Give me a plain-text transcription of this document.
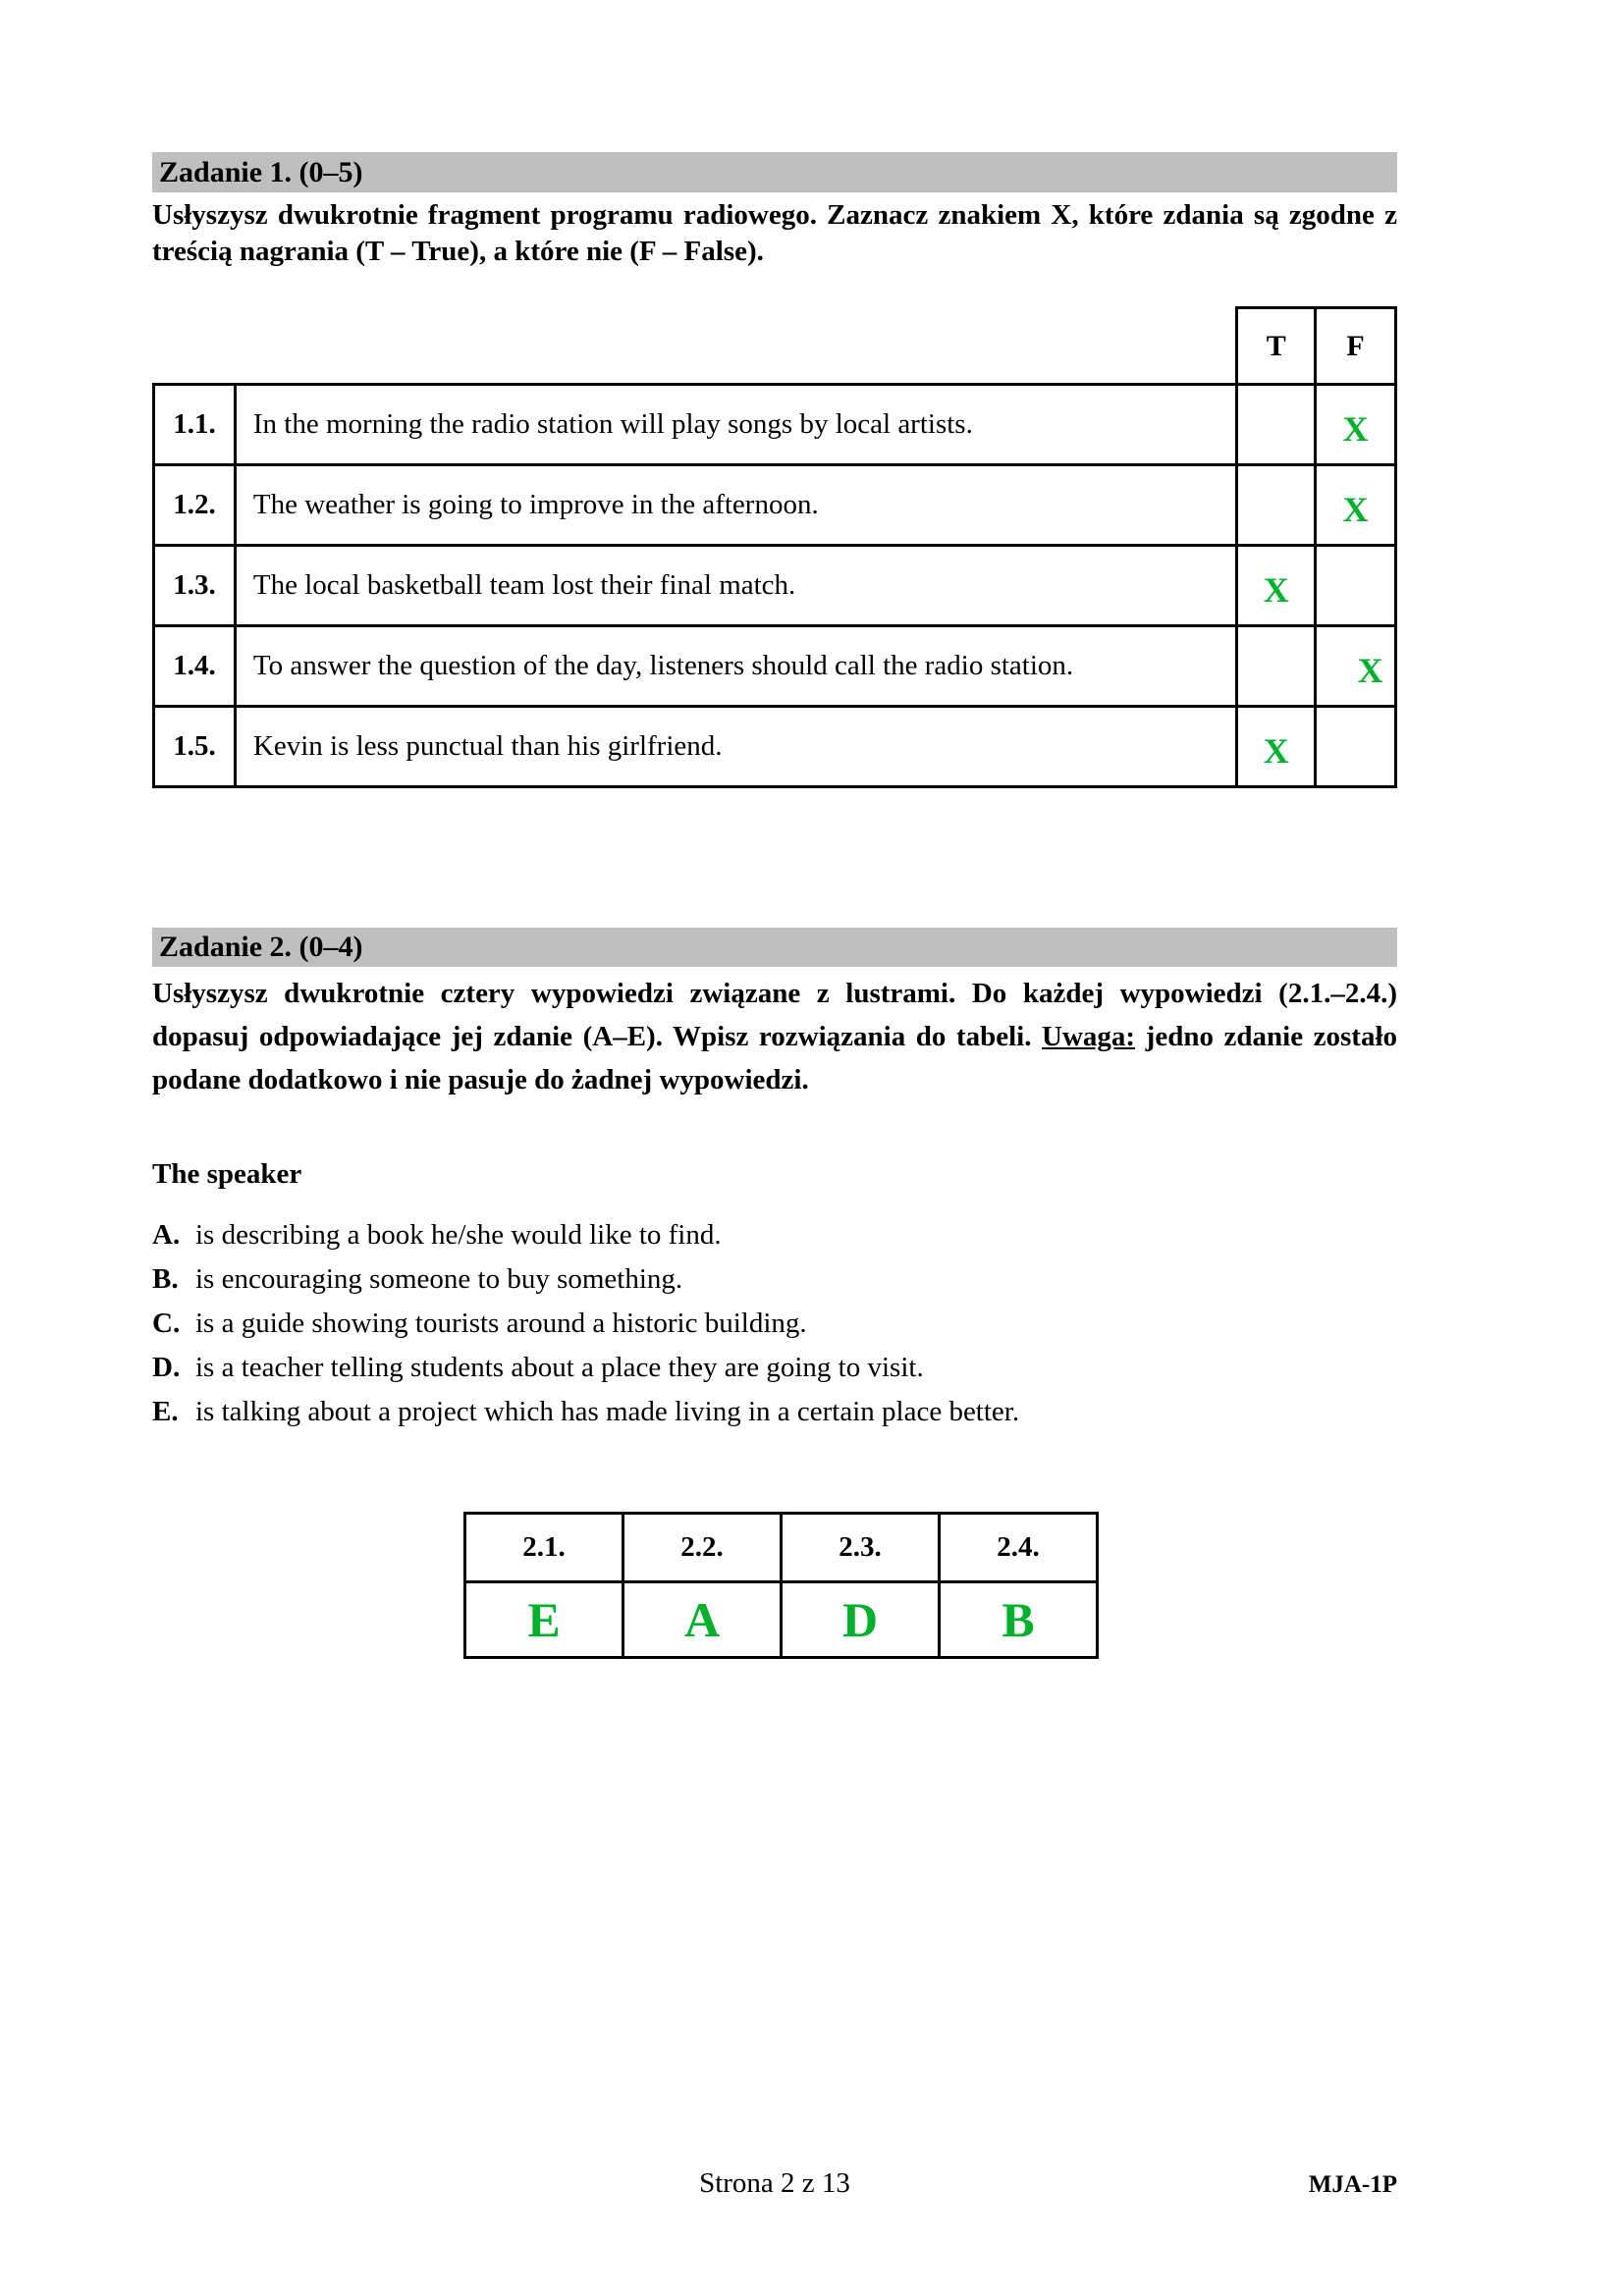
Zadanie 1. (0–5)
Usłyszysz dwukrotnie fragment programu radiowego. Zaznacz znakiem X, które zdania są zgodne z treścią nagrania (T – True), a które nie (F – False).
		T	F
1.1.	In the morning the radio station will play songs by local artists.		X
1.2.	The weather is going to improve in the afternoon.		X
1.3.	The local basketball team lost their final match.	X	
1.4.	To answer the question of the day, listeners should call the radio station.		X
1.5.	Kevin is less punctual than his girlfriend.	X	
Zadanie 2. (0–4)
Usłyszysz dwukrotnie cztery wypowiedzi związane z lustrami. Do każdej wypowiedzi (2.1.–2.4.) dopasuj odpowiadające jej zdanie (A–E). Wpisz rozwiązania do tabeli. Uwaga: jedno zdanie zostało podane dodatkowo i nie pasuje do żadnej wypowiedzi.
The speaker
A. is describing a book he/she would like to find.
B. is encouraging someone to buy something.
C. is a guide showing tourists around a historic building.
D. is a teacher telling students about a place they are going to visit.
E. is talking about a project which has made living in a certain place better.
2.1.	2.2.	2.3.	2.4.
E	A	D	B
Strona 2 z 13	MJA-1P
